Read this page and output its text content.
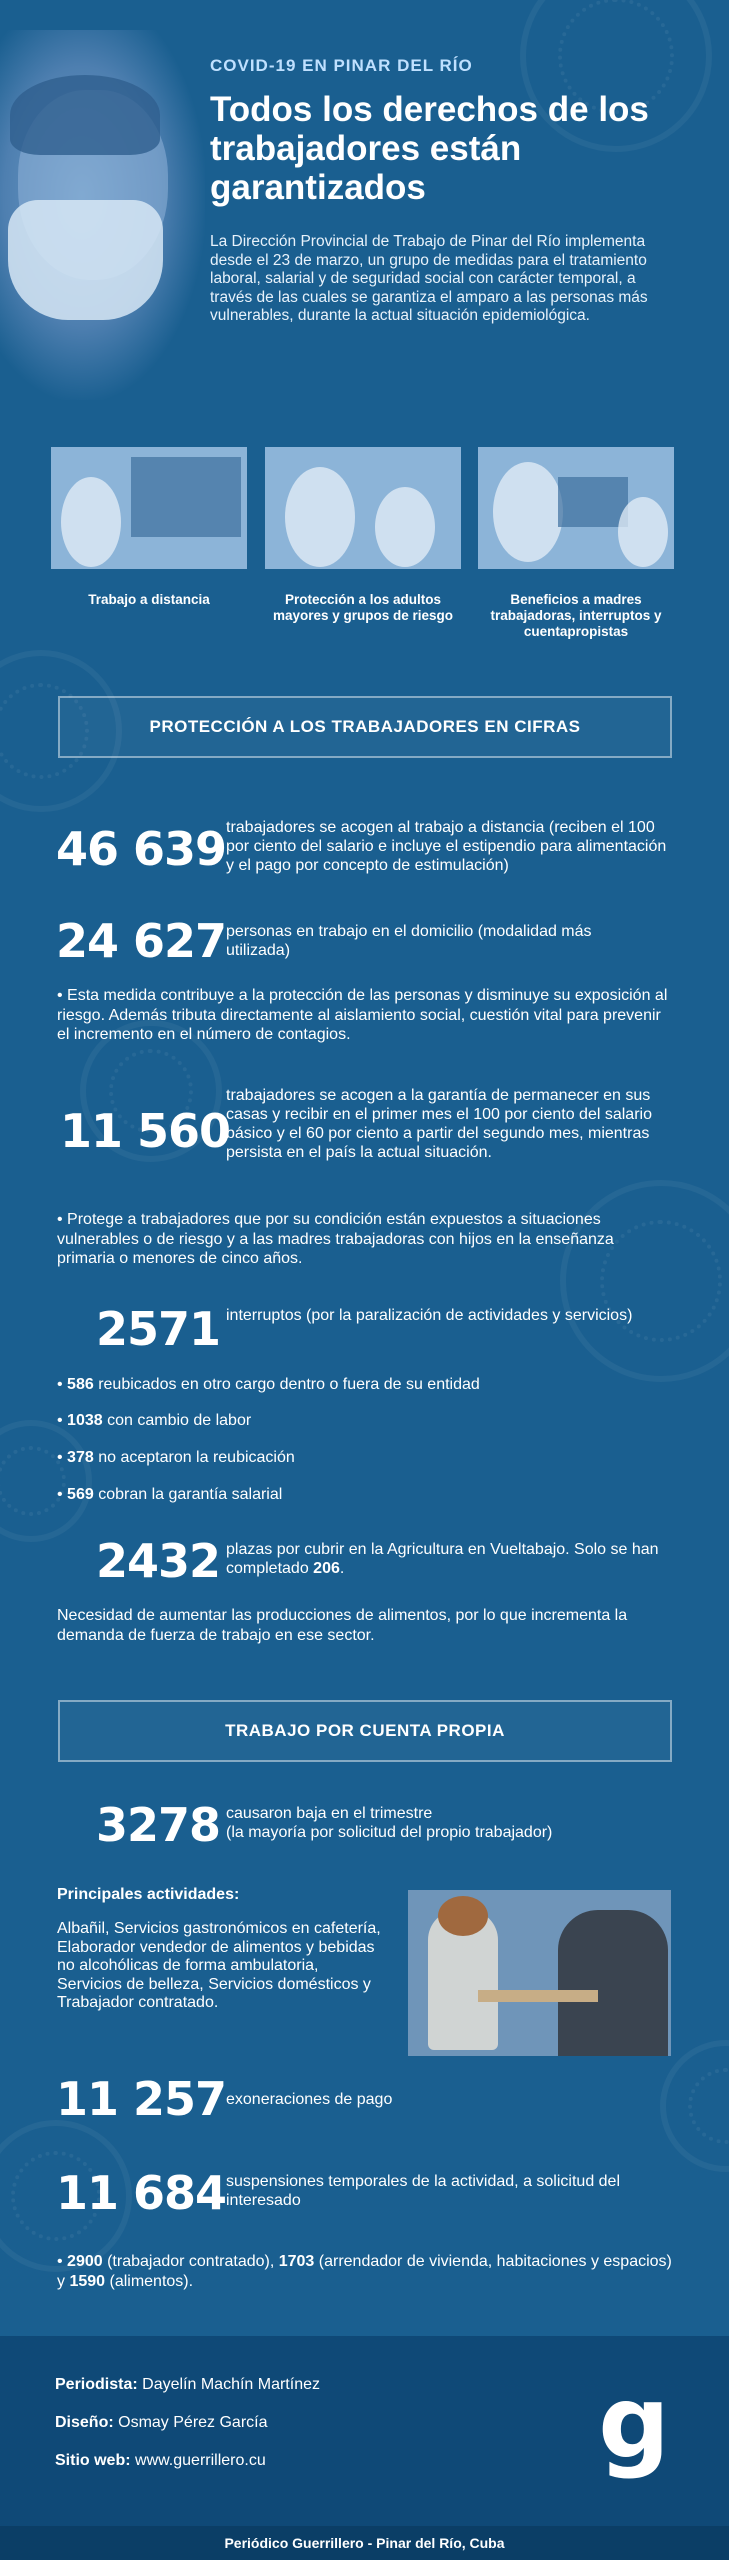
COVID-19 EN PINAR DEL RÍO
Todos los derechos de los trabajadores están garantizados
La Dirección Provincial de Trabajo de Pinar del Río implementa desde el 23 de marzo, un grupo de medidas para el tratamiento laboral, salarial y de seguridad social con carácter temporal, a través de las cuales se garantiza el amparo a las personas más vulnerables, durante la actual situación epidemiológica.
Trabajo a distancia	Protección a los adultos mayores y grupos de riesgo
Beneficios a madres trabajadoras, interruptos y cuentapropistas
PROTECCIÓN A LOS TRABAJADORES EN CIFRAS
46 639 trabajadores se acogen al trabajo a distancia (reciben el 100 por ciento del salario e incluye el estipendio para alimentación y el pago por concepto de estimulación)
24 627 personas en trabajo en el domicilio (modalidad más utilizada)
• Esta medida contribuye a la protección de las personas y disminuye su exposición al riesgo. Además tributa directamente al aislamiento social, cuestión vital para prevenir el incremento en el número de contagios.
11 560
trabajadores se acogen a la garantía de permanecer en sus casas y recibir en el primer mes el 100 por ciento del salario básico y el 60 por ciento a partir del segundo mes, mientras persista en el país la actual situación.
• Protege a trabajadores que por su condición están expuestos a situaciones vulnerables o de riesgo y a las madres trabajadoras con hijos en la enseñanza primaria o menores de cinco años.
2571 interruptos (por la paralización de actividades y servicios)
• 586 reubicados en otro cargo dentro o fuera de su entidad
• 1038 con cambio de labor
• 378 no aceptaron la reubicación
• 569 cobran la garantía salarial
2432 plazas por cubrir en la Agricultura en Vueltabajo. Solo se han completado 206.
Necesidad de aumentar las producciones de alimentos, por lo que incrementa la demanda de fuerza de trabajo en ese sector.
TRABAJO POR CUENTA PROPIA
3278 causaron baja en el trimestre
(la mayoría por solicitud del propio trabajador)
Principales actividades:
Albañil, Servicios gastronómicos en cafetería, Elaborador vendedor de alimentos y bebidas no alcohólicas de forma ambulatoria, Servicios de belleza, Servicios domésticos y Trabajador contratado.
11 257 exoneraciones de pago
11 684 suspensiones temporales de la actividad, a solicitud del interesado
• 2900 (trabajador contratado), 1703 (arrendador de vivienda, habitaciones y espacios) y 1590 (alimentos).
Periodista: Dayelín Machín Martínez
Diseño: Osmay Pérez García
Sitio web: www.guerrillero.cu	g
Periódico Guerrillero - Pinar del Río, Cuba
